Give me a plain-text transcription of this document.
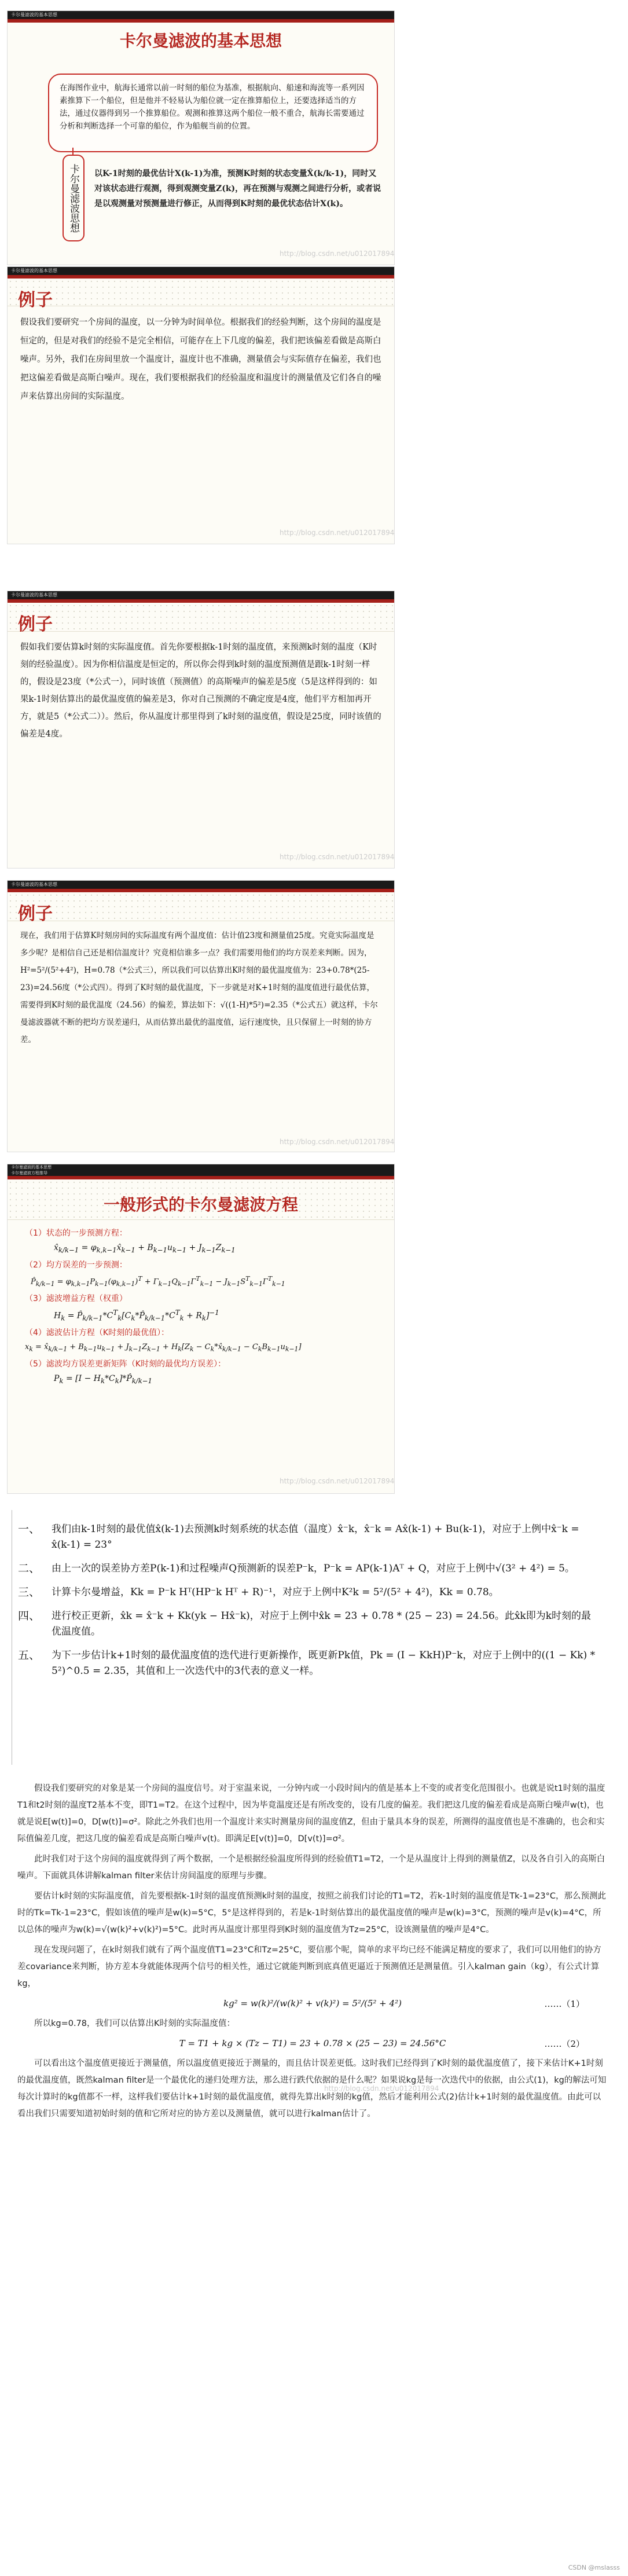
卡尔曼滤波的基本思想
卡尔曼滤波的基本思想
在海图作业中，航海长通常以前一时刻的船位为基准，根据航向、船速和海流等一系列因素推算下一个船位，但是他并不轻易认为船位就一定在推算船位上，还要选择适当的方法，通过仪器得到另一个推算船位。观测和推算这两个船位一般不重合，航海长需要通过分析和判断选择一个可靠的船位，作为船舰当前的位置。
卡尔曼滤波思想	以K-1时刻的最优估计X(k-1)为准，预测K时刻的状态变量X̂(k/k-1)，同时又对该状态进行观测，得到观测变量Z(k)，再在预测与观测之间进行分析，或者说是以观测量对预测量进行修正，从而得到K时刻的最优状态估计X(k)。
http://blog.csdn.net/u012017894
卡尔曼滤波的基本思想
例子
假设我们要研究一个房间的温度，以一分钟为时间单位。根据我们的经验判断，这个房间的温度是恒定的，但是对我们的经验不是完全相信，可能存在上下几度的偏差，我们把该偏差看做是高斯白噪声。另外，我们在房间里放一个温度计，温度计也不准确，测量值会与实际值存在偏差，我们也把这偏差看做是高斯白噪声。现在，我们要根据我们的经验温度和温度计的测量值及它们各自的噪声来估算出房间的实际温度。
http://blog.csdn.net/u012017894
卡尔曼滤波的基本思想
例子
假如我们要估算k时刻的实际温度值。首先你要根据k-1时刻的温度值，来预测k时刻的温度（K时刻的经验温度）。因为你相信温度是恒定的，所以你会得到k时刻的温度预测值是跟k-1时刻一样的，假设是23度（*公式一），同时该值（预测值）的高斯噪声的偏差是5度（5是这样得到的：如果k-1时刻估算出的最优温度值的偏差是3，你对自己预测的不确定度是4度，他们平方相加再开方，就是5（*公式二））。然后，你从温度计那里得到了k时刻的温度值，假设是25度，同时该值的偏差是4度。
http://blog.csdn.net/u012017894
卡尔曼滤波的基本思想
例子
现在，我们用于估算K时刻房间的实际温度有两个温度值：估计值23度和测量值25度。究竟实际温度是多少呢？是相信自己还是相信温度计？究竟相信谁多一点？我们需要用他们的均方误差来判断。因为，H²=5²/(5²+4²)，H=0.78（*公式三），所以我们可以估算出K时刻的最优温度值为：23+0.78*(25-23)=24.56度（*公式四）。得到了K时刻的最优温度，下一步就是对K+1时刻的温度值进行最优估算，需要得到K时刻的最优温度（24.56）的偏差，算法如下：√((1-H)*5²)=2.35（*公式五）就这样，卡尔曼滤波器就不断的把均方误差递归，从而估算出最优的温度值，运行速度快，且只保留上一时刻的协方差。
http://blog.csdn.net/u012017894
卡尔曼滤波的基本思想
卡尔曼滤波方程推导
一般形式的卡尔曼滤波方程
（1）状态的一步预测方程：
$x̂_{k/k-1}$ = $\varphi_{k,k-1}x̂_{k-1} + B_{k-1}u_{k-1} + J_{k-1}Z_{k-1}$
（2）均方误差的一步预测：
$P̂_{k/k-1} = \varphi_{k,k-1}P_{k-1}(\varphi_{k,k-1})^T + \Gamma_{k-1}Q_{k-1}\Gamma^T_{k-1} - J_{k-1}S^T_{k-1}\Gamma^T_{k-1}$
（3）滤波增益方程（权重）
$H_k$ = $P̂_{k/k-1}*C^T_k[C_k*P̂_{k/k-1}*C^T_k + R_k]^{-1}$
（4）滤波估计方程（K时刻的最优值）：
$x_k$ = $x̂_{k/k-1} + B_{k-1}u_{k-1} + J_{k-1}Z_{k-1} + H_k[Z_k$ − $C_k*x̂_{k/k-1} - C_kB_{k-1}u_{k-1}$]
（5）滤波均方误差更新矩阵（K时刻的最优均方误差）：
$P_k = [I$ − $H_k*C_k]*P̂_{k/k-1}$
http://blog.csdn.net/u012017894
一、	我们由k-1时刻的最优值x̂(k-1)去预测k时刻系统的状态值（温度）x̂⁻k，x̂⁻k = Ax̂(k-1) + Bu(k-1)，对应于上例中x̂⁻k = x̂(k-1) = 23°
二、	由上一次的误差协方差P(k-1)和过程噪声Q预测新的误差P⁻k，P⁻k = AP(k-1)Aᵀ + Q，对应于上例中√(3² + 4²) = 5。
三、	计算卡尔曼增益，Kk = P⁻k Hᵀ(HP⁻k Hᵀ + R)⁻¹，对应于上例中K²k = 5²/(5² + 4²)，Kk = 0.78。
四、	进行校正更新，x̂k = x̂⁻k + Kk(yk − Hx̂⁻k)，对应于上例中x̂k = 23 + 0.78 * (25 − 23) = 24.56。此x̂k即为k时刻的最优温度值。
五、	为下一步估计k+1时刻的最优温度值的迭代进行更新操作，既更新Pk值，Pk = (I − KkH)P⁻k，对应于上例中的((1 − Kk) * 5²)^0.5 = 2.35，其值和上一次迭代中的3代表的意义一样。

假设我们要研究的对象是某一个房间的温度信号。对于室温来说，一分钟内或一小段时间内的值是基本上不变的或者变化范围很小。也就是说t1时刻的温度T1和t2时刻的温度T2基本不变，即T1=T2。在这个过程中，因为毕竟温度还是有所改变的，设有几度的偏差。我们把这几度的偏差看成是高斯白噪声w(t)，也就是说E[w(t)]=0，D[w(t)]=σ²。除此之外我们也用一个温度计来实时测量房间的温度值Z，但由于量具本身的误差，所测得的温度值也是不准确的，也会和实际值偏差几度，把这几度的偏差看成是高斯白噪声v(t)。即满足E[v(t)]=0，D[v(t)]=σ²。

此时我们对于这个房间的温度就得到了两个数据，一个是根据经验温度所得到的经验值T1=T2，一个是从温度计上得到的测量值Z，以及各自引入的高斯白噪声。下面就具体讲解kalman filter来估计房间温度的原理与步骤。

要估计k时刻的实际温度值，首先要根据k-1时刻的温度值预测k时刻的温度，按照之前我们讨论的T1=T2，若k-1时刻的温度值是Tk-1=23°C，那么预测此时的Tk=Tk-1=23°C，假如该值的噪声是w(k)=5°C，5°是这样得到的，若是k-1时刻估算出的最优温度值的噪声是w(k)=3°C，预测的噪声是v(k)=4°C，所以总体的噪声为w(k)=√(w(k)²+v(k)²)=5°C。此时再从温度计那里得到K时刻的温度值为Tz=25°C，设该测量值的噪声是4°C。

现在发现问题了，在k时刻我们就有了两个温度值T1=23°C和Tz=25°C，要信那个呢，简单的求平均已经不能满足精度的要求了，我们可以用他们的协方差covariance来判断，协方差本身就能体现两个信号的相关性，通过它就能判断到底真值更逼近于预测值还是测量值。引入kalman gain（kg），有公式计算kg，

kg² = w(k)²/(w(k)² + v(k)²) = 5²/(5² + 4²)	……（1）

所以kg=0.78，我们可以估算出K时刻的实际温度值：

T = T1 + kg × (Tz − T1) = 23 + 0.78 × (25 − 23) = 24.56°C	……（2）

可以看出这个温度值更接近于测量值，所以温度值更接近于测量的，而且估计误差更低。这时我们已经得到了K时刻的最优温度值了，接下来估计K+1时刻的最优温度值，既然kalman filter是一个最优化的递归处理方法，那么进行跌代依据的是什么呢？如果说kg是每一次迭代中的依据，由公式(1)，kg的解法可知每次计算时的kg值都不一样，这样我们要估计k+1时刻的最优温度值，就得先算出k时刻的kg值，然后才能利用公式(2)估计k+1时刻的最优温度值。由此可以看出我们只需要知道初始时刻的值和它所对应的协方差以及测量值，就可以进行kalman估计了。

http://blog.csdn.net/u012017894
CSDN @mslasss
